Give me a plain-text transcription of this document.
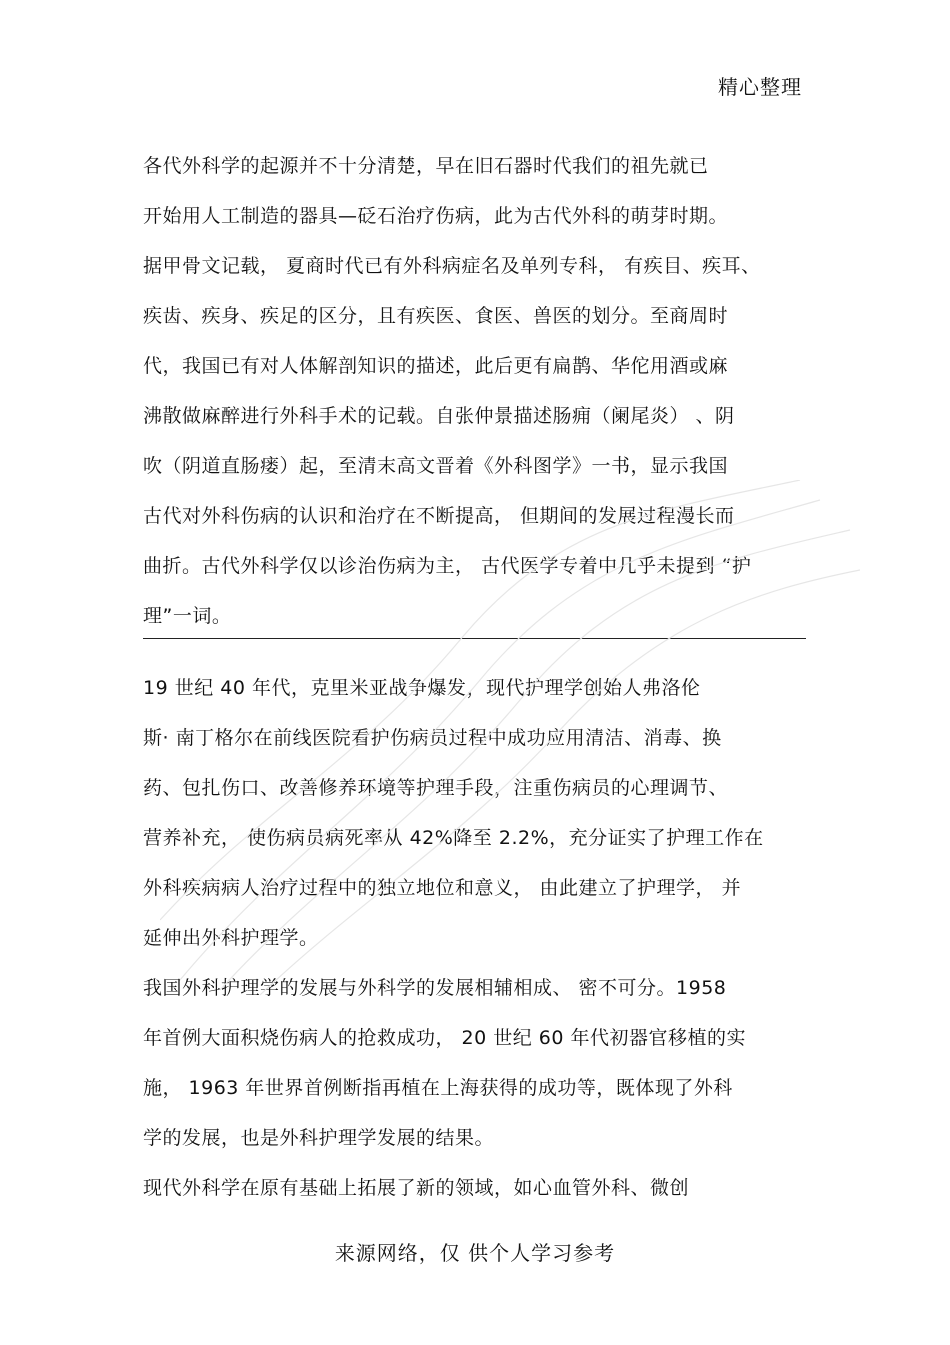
精心整理
各代外科学的起源并不十分清楚，早在旧石器时代我们的祖先就已
开始用人工制造的器具—砭石治疗伤病，此为古代外科的萌芽时期。
据甲骨文记载， 夏商时代已有外科病症名及单列专科， 有疾目、疾耳、
疾齿、疾身、疾足的区分，且有疾医、食医、兽医的划分。至商周时
代，我国已有对人体解剖知识的描述，此后更有扁鹊、华佗用酒或麻
沸散做麻醉进行外科手术的记载。自张仲景描述肠痈（阑尾炎） 、阴
吹（阴道直肠瘘）起，至清末高文晋着《外科图学》一书，显示我国
古代对外科伤病的认识和治疗在不断提高， 但期间的发展过程漫长而
曲折。古代外科学仅以诊治伤病为主， 古代医学专着中几乎未提到 “护
理”一词。
19 世纪 40 年代，克里米亚战争爆发，现代护理学创始人弗洛伦
斯· 南丁格尔在前线医院看护伤病员过程中成功应用清洁、消毒、换
药、包扎伤口、改善修养环境等护理手段，注重伤病员的心理调节、
营养补充， 使伤病员病死率从 42%降至 2.2%，充分证实了护理工作在
外科疾病病人治疗过程中的独立地位和意义， 由此建立了护理学， 并
延伸出外科护理学。
我国外科护理学的发展与外科学的发展相辅相成、 密不可分。1958
年首例大面积烧伤病人的抢救成功， 20 世纪 60 年代初器官移植的实
施， 1963 年世界首例断指再植在上海获得的成功等，既体现了外科
学的发展，也是外科护理学发展的结果。
现代外科学在原有基础上拓展了新的领域，如心血管外科、微创
来源网络，仅 供个人学习参考
